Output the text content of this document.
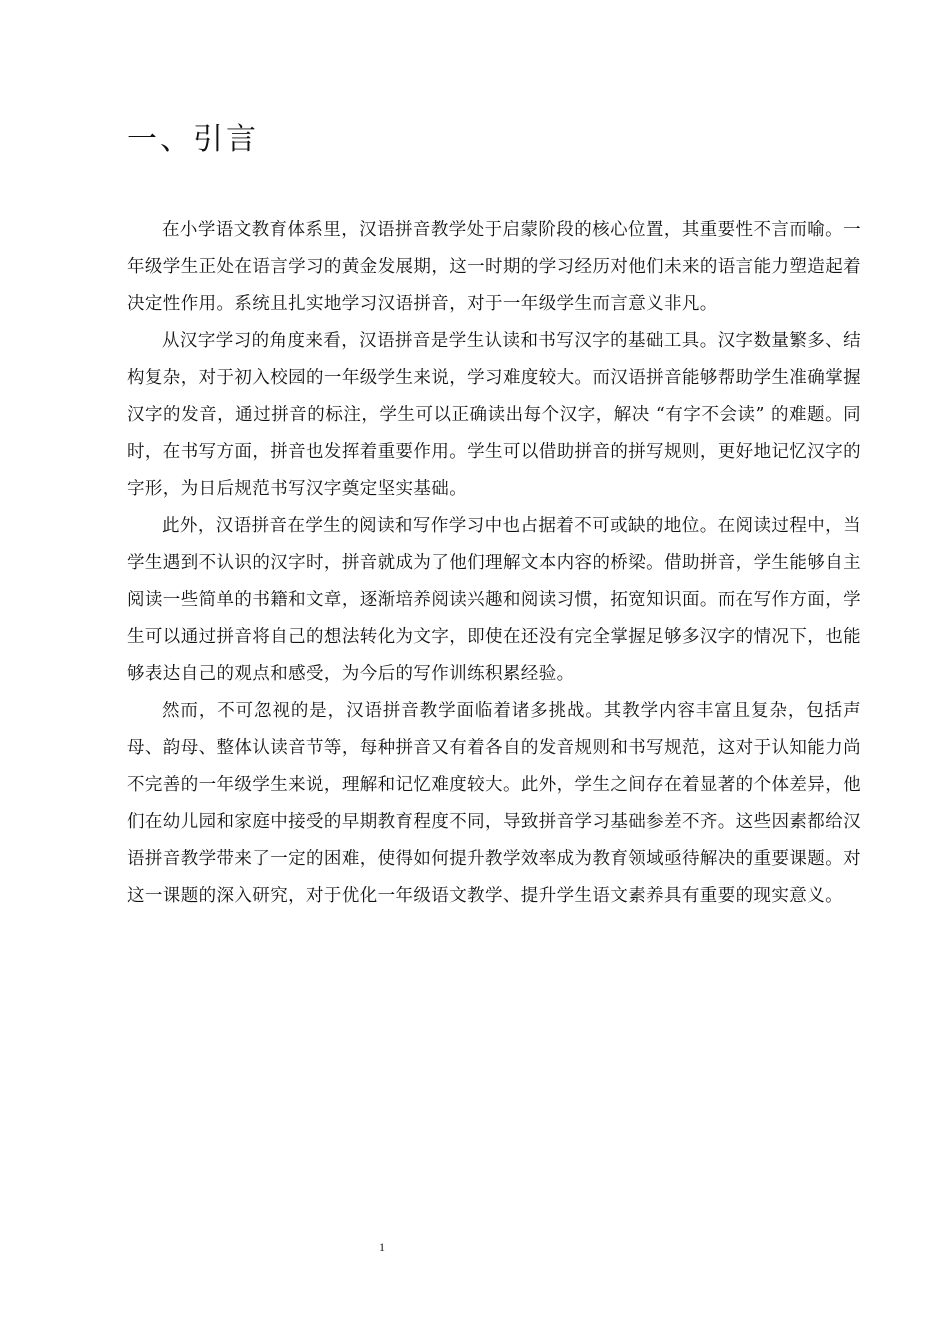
一、引言

在小学语文教育体系里，汉语拼音教学处于启蒙阶段的核心位置，其重要性不言而喻。一年级学生正处在语言学习的黄金发展期，这一时期的学习经历对他们未来的语言能力塑造起着决定性作用。系统且扎实地学习汉语拼音，对于一年级学生而言意义非凡。

从汉字学习的角度来看，汉语拼音是学生认读和书写汉字的基础工具。汉字数量繁多、结构复杂，对于初入校园的一年级学生来说，学习难度较大。而汉语拼音能够帮助学生准确掌握汉字的发音，通过拼音的标注，学生可以正确读出每个汉字，解决 “有字不会读” 的难题。同时，在书写方面，拼音也发挥着重要作用。学生可以借助拼音的拼写规则，更好地记忆汉字的字形，为日后规范书写汉字奠定坚实基础。

此外，汉语拼音在学生的阅读和写作学习中也占据着不可或缺的地位。在阅读过程中，当学生遇到不认识的汉字时，拼音就成为了他们理解文本内容的桥梁。借助拼音，学生能够自主阅读一些简单的书籍和文章，逐渐培养阅读兴趣和阅读习惯，拓宽知识面。而在写作方面，学生可以通过拼音将自己的想法转化为文字，即使在还没有完全掌握足够多汉字的情况下，也能够表达自己的观点和感受，为今后的写作训练积累经验。

然而，不可忽视的是，汉语拼音教学面临着诸多挑战。其教学内容丰富且复杂，包括声母、韵母、整体认读音节等，每种拼音又有着各自的发音规则和书写规范，这对于认知能力尚不完善的一年级学生来说，理解和记忆难度较大。此外，学生之间存在着显著的个体差异，他们在幼儿园和家庭中接受的早期教育程度不同，导致拼音学习基础参差不齐。这些因素都给汉语拼音教学带来了一定的困难，使得如何提升教学效率成为教育领域亟待解决的重要课题。对这一课题的深入研究，对于优化一年级语文教学、提升学生语文素养具有重要的现实意义。

1
